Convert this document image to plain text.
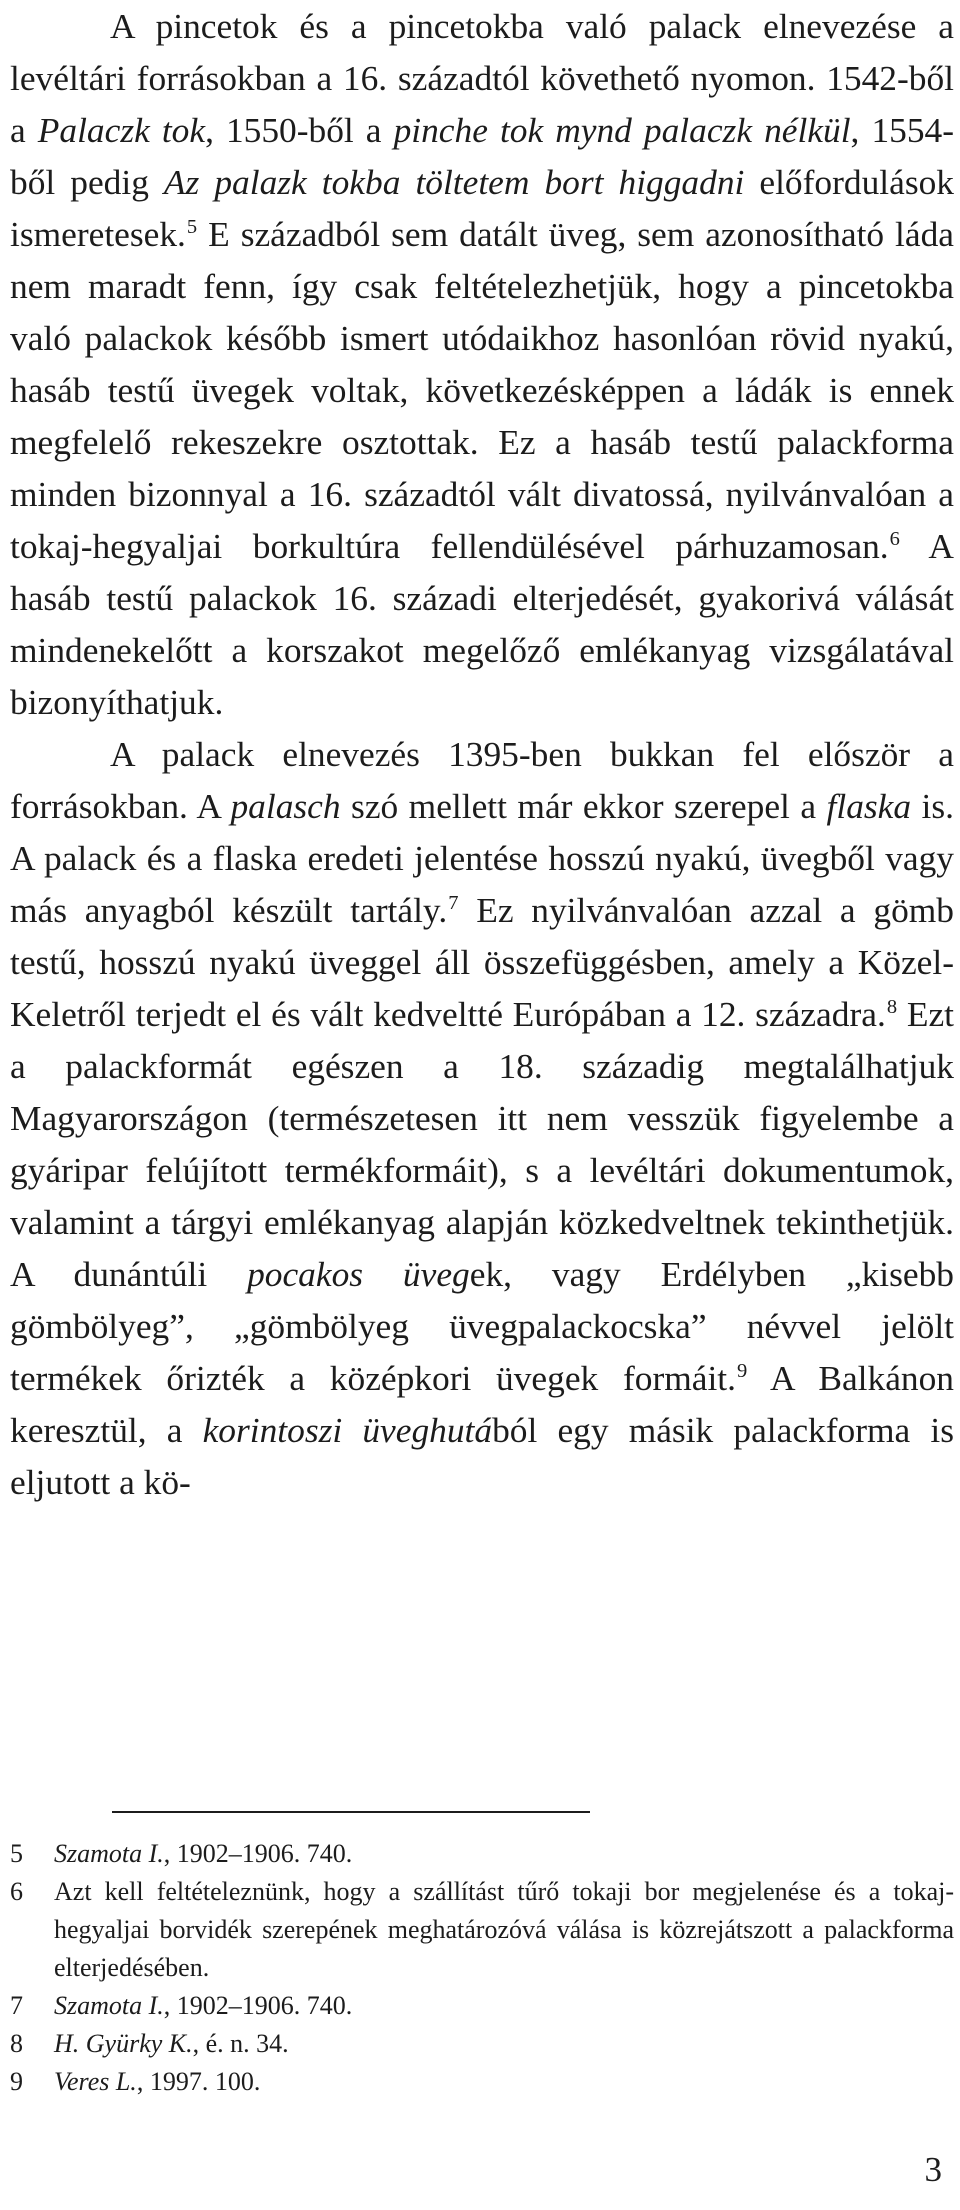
A pincetok és a pincetokba való palack elnevezése a levéltári forrásokban a 16. századtól követhető nyomon. 1542-ből a Palaczk tok, 1550-ből a pinche tok mynd palaczk nélkül, 1554-ből pedig Az palazk tokba töltetem bort higgadni előfordulások ismeretesek.$^5$ E századból sem datált üveg, sem azonosítható láda nem maradt fenn, így csak feltételezhetjük, hogy a pincetokba való palackok később ismert utódaikhoz hasonlóan rövid nyakú, hasáb testű üvegek voltak, következésképpen a ládák is ennek megfelelő rekeszekre osztottak. Ez a hasáb testű palackforma minden bizonnyal a 16. századtól vált divatossá, nyilvánvalóan a tokaj-hegyaljai borkultúra fellendülésével párhuzamosan.$^6$ A hasáb testű palackok 16. századi elterjedését, gyakorivá válását mindenekelőtt a korszakot megelőző emlékanyag vizsgálatával bizonyíthatjuk.

A palack elnevezés 1395-ben bukkan fel először a forrásokban. A palasch szó mellett már ekkor szerepel a flaska is. A palack és a flaska eredeti jelentése hosszú nyakú, üvegből vagy más anyagból készült tartály.$^7$ Ez nyilvánvalóan azzal a gömb testű, hosszú nyakú üveggel áll összefüggésben, amely a Közel-Keletről terjedt el és vált kedveltté Európában a 12. századra.$^8$ Ezt a palackformát egészen a 18. századig megtalálhatjuk Magyarországon (természetesen itt nem vesszük figyelembe a gyáripar felújított termékformáit), s a levéltári dokumentumok, valamint a tárgyi emlékanyag alapján közkedveltnek tekinthetjük. A dunántúli pocakos üvegek, vagy Erdélyben „kisebb gömbölyeg”, „gömbölyeg üvegpalackocska” névvel jelölt termékek őrizték a középkori üvegek formáit.$^9$ A Balkánon keresztül, a korintoszi üveghutából egy másik palackforma is eljutott a kö-

5 Szamota I., 1902–1906. 740.
6 Azt kell feltételeznünk, hogy a szállítást tűrő tokaji bor megjelenése és a tokaj-hegyaljai borvidék szerepének meghatározóvá válása is közrejátszott a palackforma elterjedésében.
7 Szamota I., 1902–1906. 740.
8 H. Gyürky K., é. n. 34.
9 Veres L., 1997. 100.
3
